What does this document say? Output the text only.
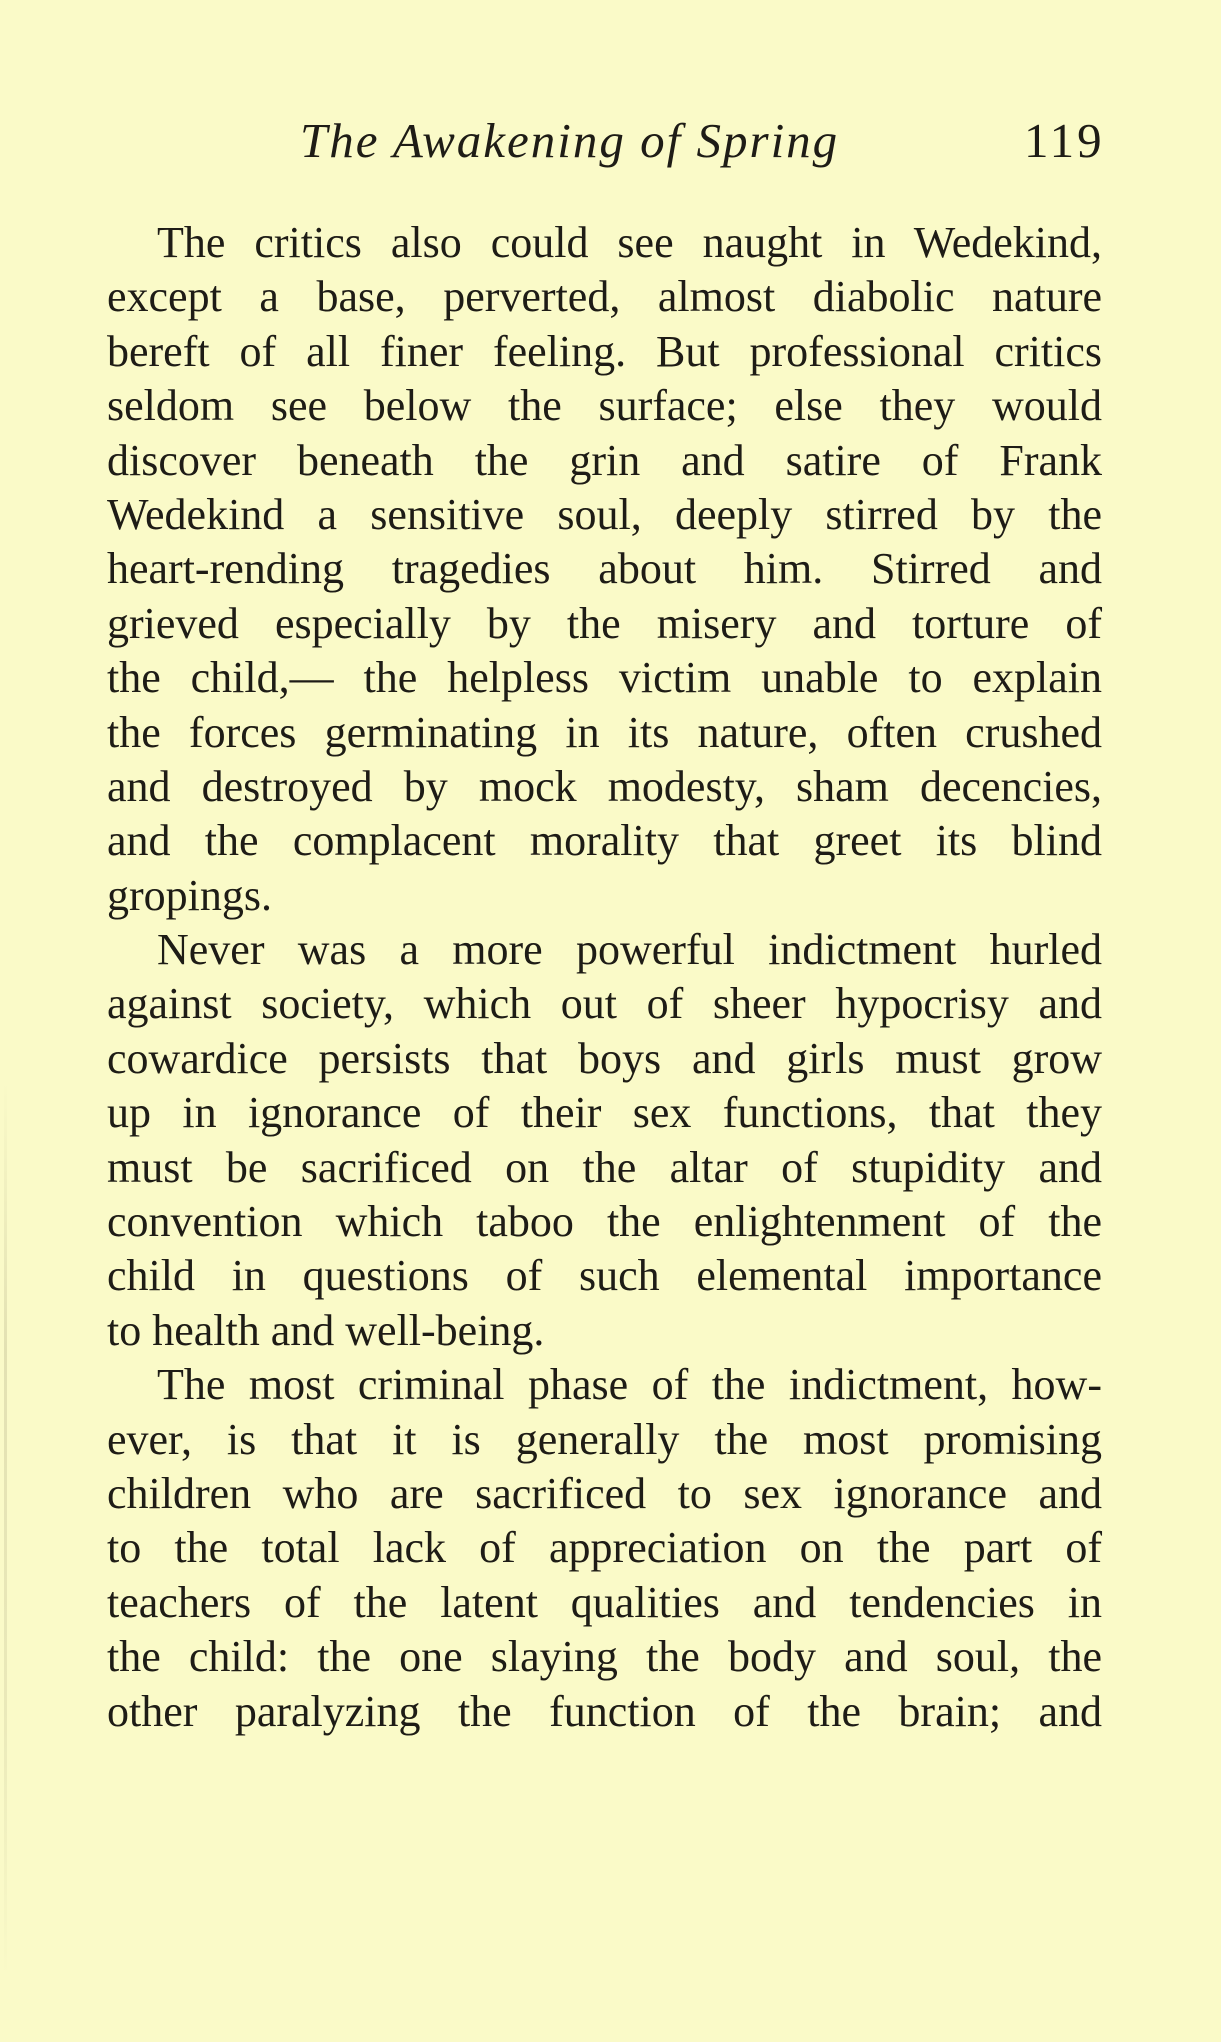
The Awakening of Spring	119
The critics also could see naught in Wedekind,
except a base, perverted, almost diabolic nature
bereft of all finer feeling. But professional critics
seldom see below the surface; else they would
discover beneath the grin and satire of Frank
Wedekind a sensitive soul, deeply stirred by the
heart-rending tragedies about him. Stirred and
grieved especially by the misery and torture of
the child,— the helpless victim unable to explain
the forces germinating in its nature, often crushed
and destroyed by mock modesty, sham decencies,
and the complacent morality that greet its blind
gropings.
Never was a more powerful indictment hurled
against society, which out of sheer hypocrisy and
cowardice persists that boys and girls must grow
up in ignorance of their sex functions, that they
must be sacrificed on the altar of stupidity and
convention which taboo the enlightenment of the
child in questions of such elemental importance
to health and well-being.
The most criminal phase of the indictment, how-
ever, is that it is generally the most promising
children who are sacrificed to sex ignorance and
to the total lack of appreciation on the part of
teachers of the latent qualities and tendencies in
the child: the one slaying the body and soul, the
other paralyzing the function of the brain; and
